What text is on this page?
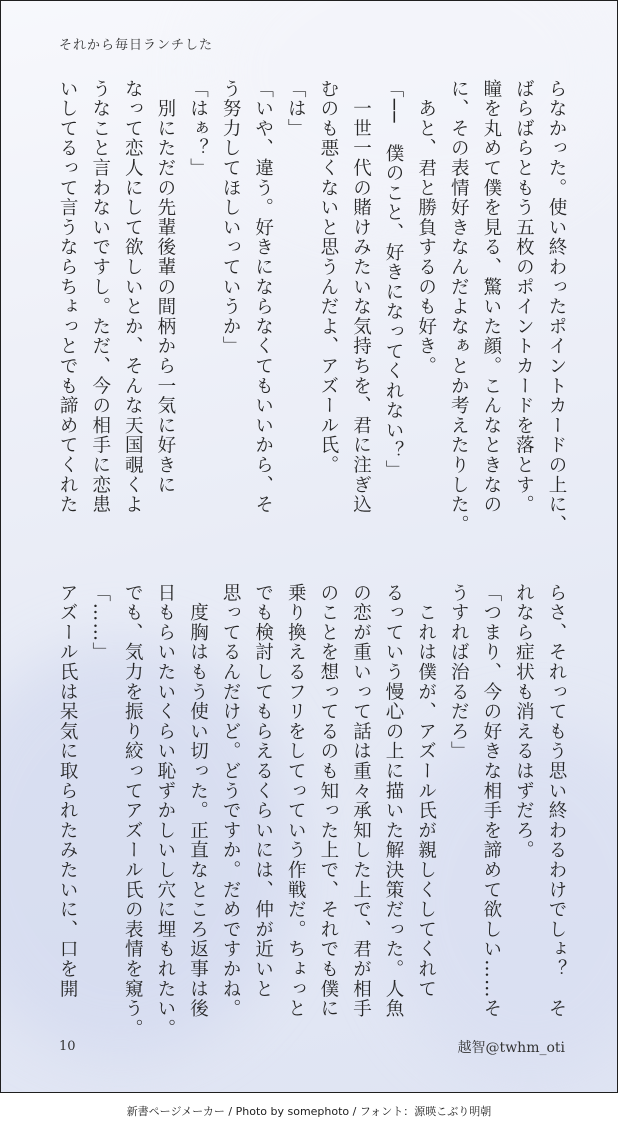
それから毎日ランチした
らなかった。使い終わったポイントカードの上に、
ばらばらともう五枚のポイントカードを落とす。
瞳を丸めて僕を見る、驚いた顔。こんなときなの
に、その表情好きなんだよなぁとか考えたりした。
　あと、君と勝負するのも好き。
「──　僕のこと、好きになってくれない？」
　一世一代の賭けみたいな気持ちを、君に注ぎ込
むのも悪くないと思うんだよ、アズール氏。
「は」
「いや、違う。好きにならなくてもいいから、そ
う努力してほしいっていうか」
「はぁ？」
　別にただの先輩後輩の間柄から一気に好きに
なって恋人にして欲しいとか、そんな天国覗くよ
うなこと言わないですし。ただ、今の相手に恋患
いしてるって言うならちょっとでも諦めてくれた
らさ、それってもう思い終わるわけでしょ？　そ
れなら症状も消えるはずだろ。
「つまり、今の好きな相手を諦めて欲しい……そ
うすれば治るだろ」
　これは僕が、アズール氏が親しくしてくれて
るっていう慢心の上に描いた解決策だった。人魚
の恋が重いって話は重々承知した上で、君が相手
のことを想ってるのも知った上で、それでも僕に
乗り換えるフリをしてっていう作戦だ。ちょっと
でも検討してもらえるくらいには、仲が近いと
思ってるんだけど。どうですか。だめですかね。
　度胸はもう使い切った。正直なところ返事は後
日もらいたいくらい恥ずかしいし穴に埋もれたい。
でも、気力を振り絞ってアズール氏の表情を窺う。
「……」
アズール氏は呆気に取られたみたいに、口を開
10	越智@twhm_oti
新書ページメーカー / Photo by somephoto / フォント：源暎こぶり明朝
